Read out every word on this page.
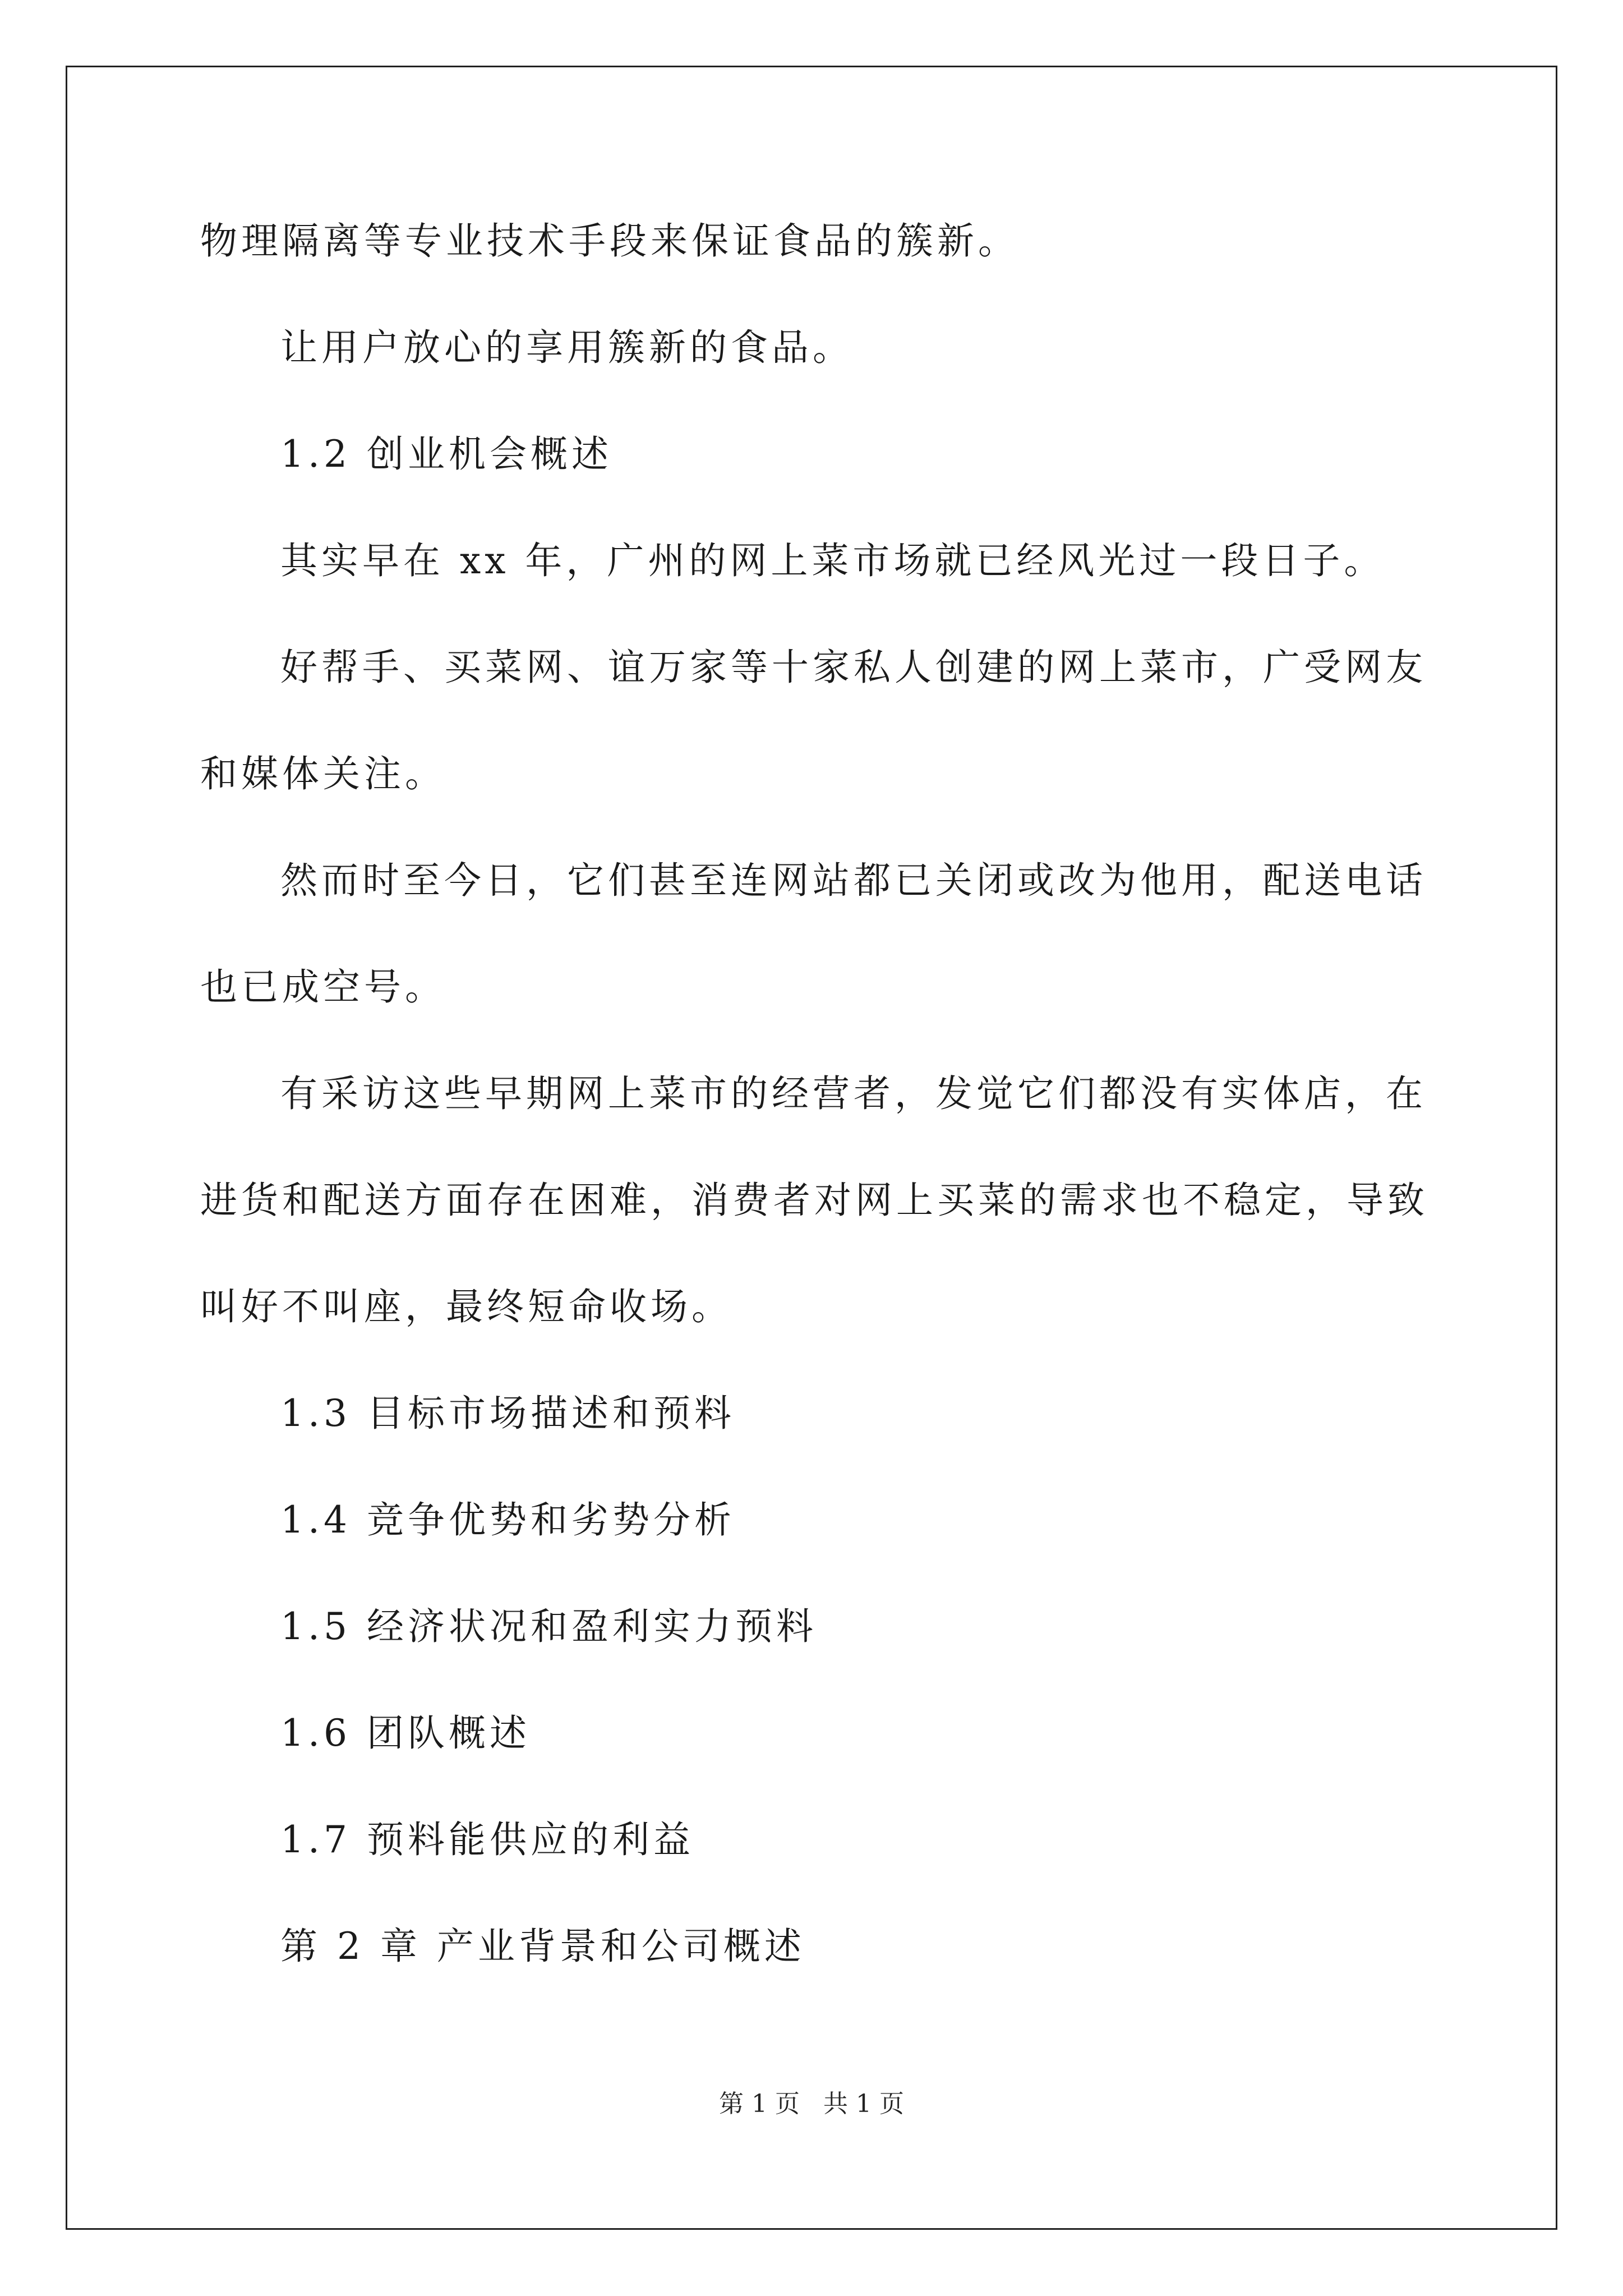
物理隔离等专业技术手段来保证食品的簇新。

让用户放心的享用簇新的食品。

1.2 创业机会概述

其实早在 xx 年，广州的网上菜市场就已经风光过一段日子。

好帮手、买菜网、谊万家等十家私人创建的网上菜市，广受网友

和媒体关注。

然而时至今日，它们甚至连网站都已关闭或改为他用，配送电话

也已成空号。

有采访这些早期网上菜市的经营者，发觉它们都没有实体店，在

进货和配送方面存在困难，消费者对网上买菜的需求也不稳定，导致

叫好不叫座，最终短命收场。

1.3 目标市场描述和预料

1.4 竞争优势和劣势分析

1.5 经济状况和盈利实力预料

1.6 团队概述

1.7 预料能供应的利益

第 2 章 产业背景和公司概述

第 1 页   共 1 页
